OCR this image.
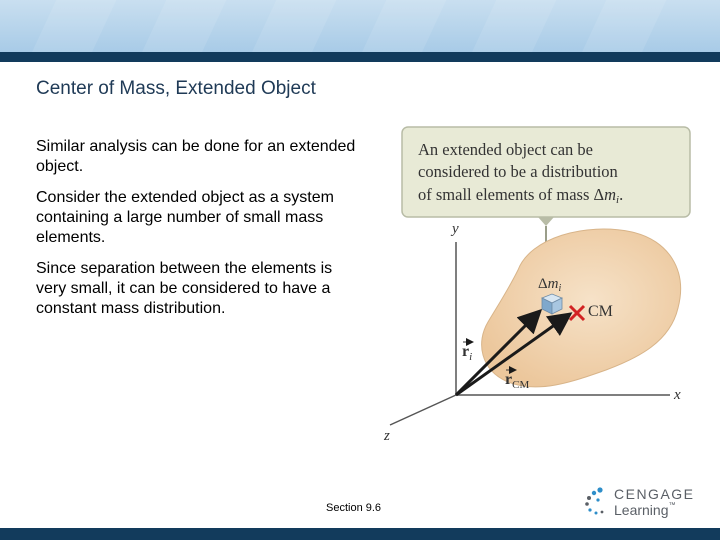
Center of Mass, Extended Object

Similar analysis can be done for an extended object.

Consider the extended object as a system containing a large number of small mass elements.

Since separation between the elements is very small, it can be considered to have a constant mass distribution.

An extended object can be
considered to be a distribution
of small elements of mass Δmi.
y
x
z
CM
$\Delta m_i$
$r_i$
$r_{CM}$
Section 9.6
CENGAGE
Learning™
